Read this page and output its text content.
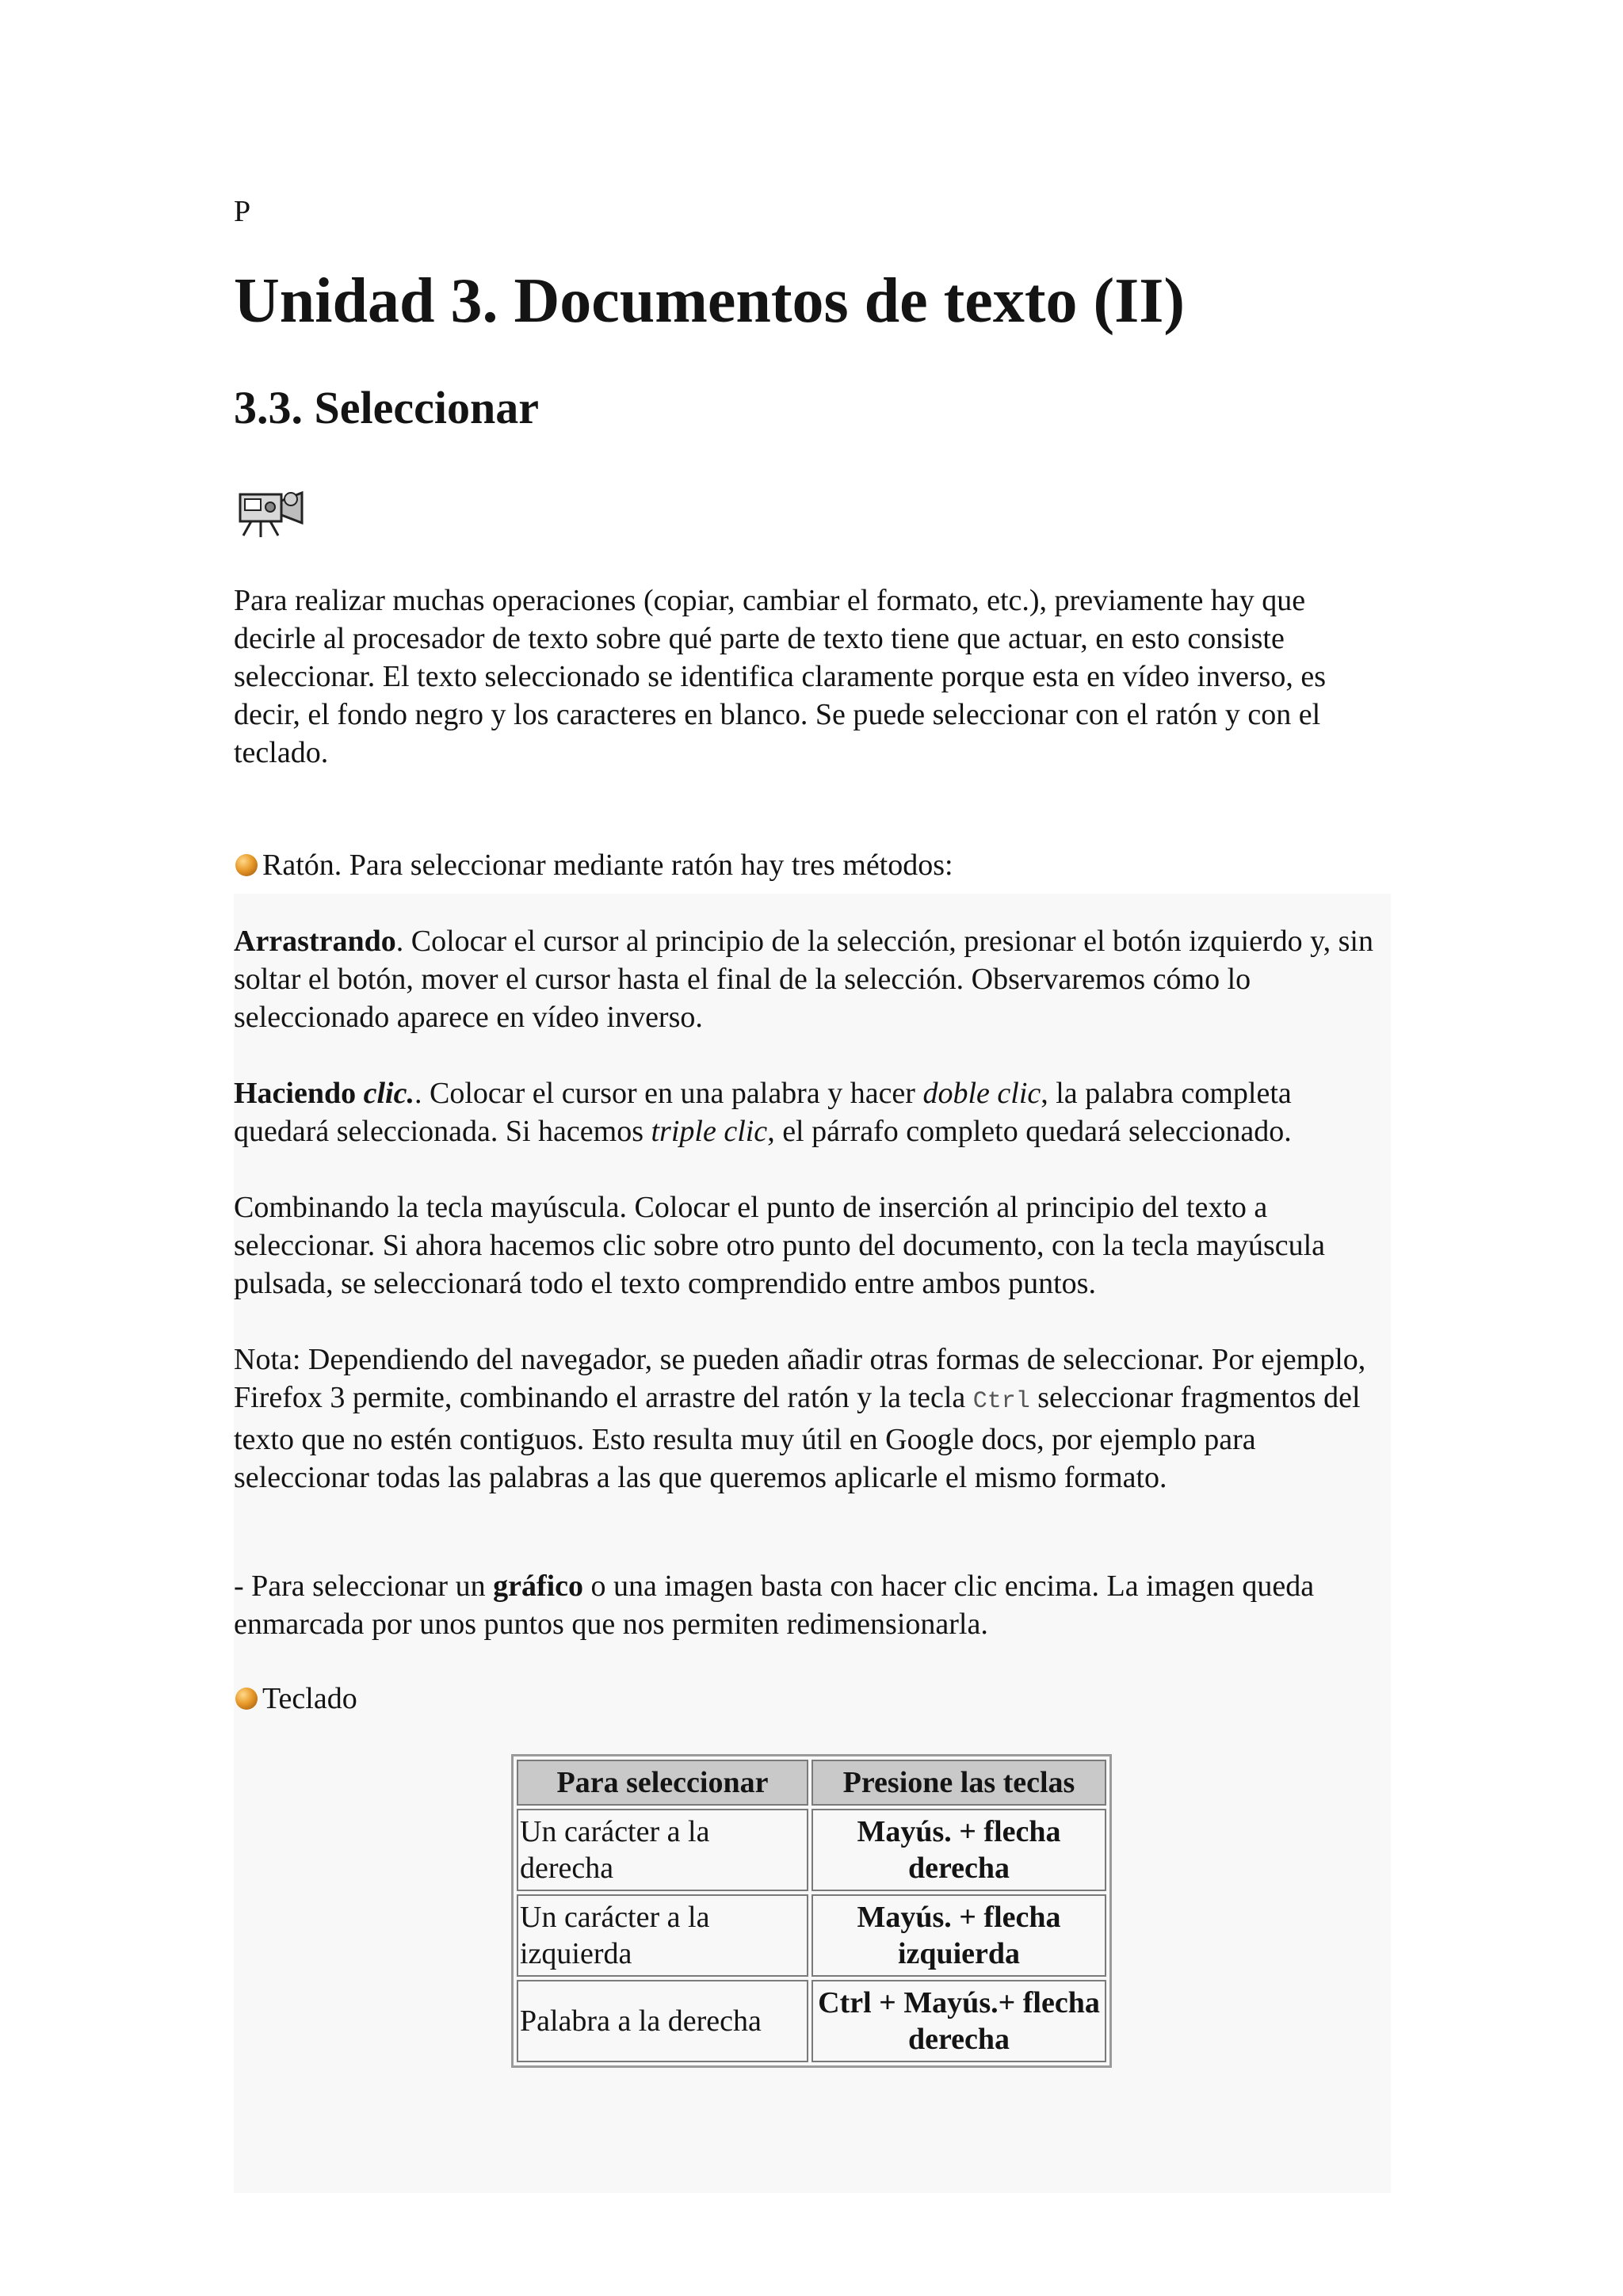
P
Unidad 3. Documentos de texto (II)
3.3. Seleccionar
Para realizar muchas operaciones (copiar, cambiar el formato, etc.), previamente hay que decirle al procesador de texto sobre qué parte de texto tiene que actuar, en esto consiste seleccionar. El texto seleccionado se identifica claramente porque esta en vídeo inverso, es decir, el fondo negro y los caracteres en blanco. Se puede seleccionar con el ratón y con el teclado.
Ratón. Para seleccionar mediante ratón hay tres métodos:
Arrastrando. Colocar el cursor al principio de la selección, presionar el botón izquierdo y, sin soltar el botón, mover el cursor hasta el final de la selección. Observaremos cómo lo seleccionado aparece en vídeo inverso.
Haciendo clic.. Colocar el cursor en una palabra y hacer doble clic, la palabra completa quedará seleccionada. Si hacemos triple clic, el párrafo completo quedará seleccionado.
Combinando la tecla mayúscula. Colocar el punto de inserción al principio del texto a seleccionar. Si ahora hacemos clic sobre otro punto del documento, con la tecla mayúscula pulsada, se seleccionará todo el texto comprendido entre ambos puntos.
Nota: Dependiendo del navegador, se pueden añadir otras formas de seleccionar. Por ejemplo, Firefox 3 permite, combinando el arrastre del ratón y la tecla Ctrl seleccionar fragmentos del texto que no estén contiguos. Esto resulta muy útil en Google docs, por ejemplo para seleccionar todas las palabras a las que queremos aplicarle el mismo formato.
- Para seleccionar un gráfico o una imagen basta con hacer clic encima. La imagen queda enmarcada por unos puntos que nos permiten redimensionarla.
Teclado
Para seleccionar	Presione las teclas
Un carácter a la derecha	Mayús. + flecha derecha
Un carácter a la izquierda	Mayús. + flecha izquierda
Palabra a la derecha	Ctrl + Mayús.+ flecha derecha
